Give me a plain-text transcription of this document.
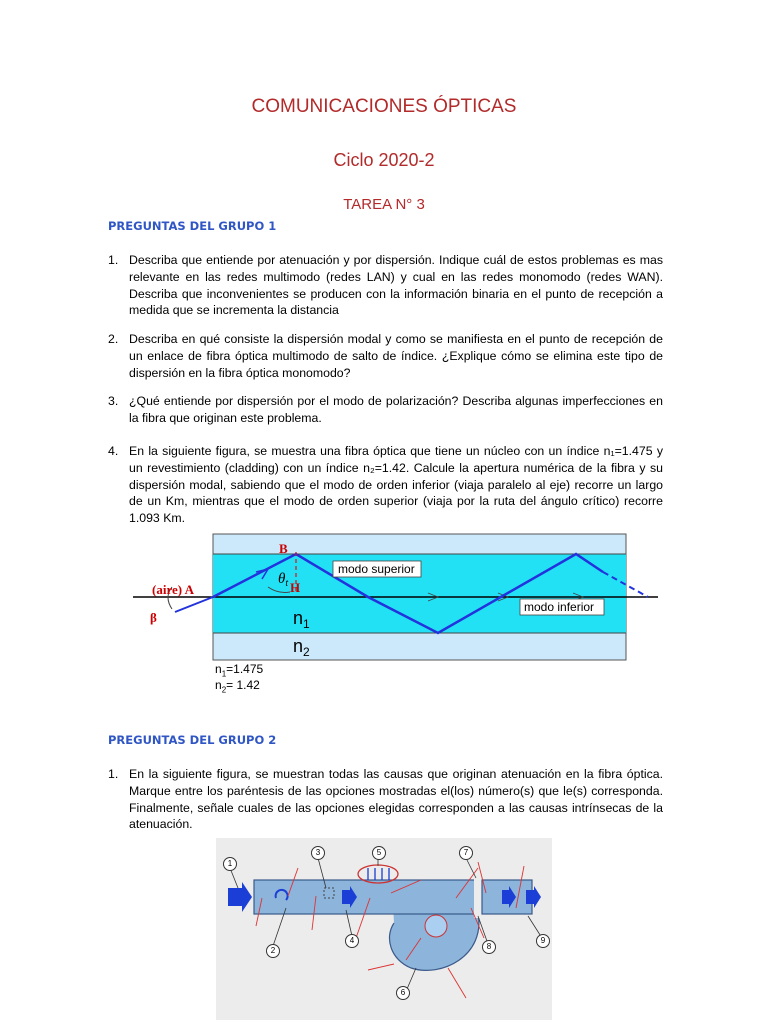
COMUNICACIONES ÓPTICAS
Ciclo 2020-2
TAREA N° 3
PREGUNTAS DEL GRUPO 1
1. Describa que entiende por atenuación y por dispersión. Indique cuál de estos problemas es mas relevante en las redes multimodo (redes LAN) y cual en las redes monomodo (redes WAN). Describa que inconvenientes se producen con la información binaria en el punto de recepción a medida que se incrementa la distancia
2. Describa en qué consiste la dispersión modal y como se manifiesta en el punto de recepción de un enlace de fibra óptica multimodo de salto de índice. ¿Explique cómo se elimina este tipo de dispersión en la fibra óptica monomodo?
3. ¿Qué entiende por dispersión por el modo de polarización? Describa algunas imperfecciones en la fibra que originan este problema.
4. En la siguiente figura, se muestra una fibra óptica que tiene un núcleo con un índice n₁=1.475 y un revestimiento (cladding) con un índice n₂=1.42. Calcule la apertura numérica de la fibra y su dispersión modal, sabiendo que el modo de orden inferior (viaja paralelo al eje) recorre un largo de un Km, mientras que el modo de orden superior (viaja por la ruta del ángulo crítico) recorre 1.093 Km.
modo superior
modo inferior
B
$\theta_t$ H
(aire) A
β	$n_1$
$n_2$
$n_1=1.475$
$n_2= 1.42$
PREGUNTAS DEL GRUPO 2
1. En la siguiente figura, se muestran todas las causas que originan atenuación en la fibra óptica. Marque entre los paréntesis de las opciones mostradas el(los) número(s) que le(s) corresponda. Finalmente, señale cuales de las opciones elegidas corresponden a las causas intrínsecas de la atenuación.
1
2
3
4
5
6
7
8
9
